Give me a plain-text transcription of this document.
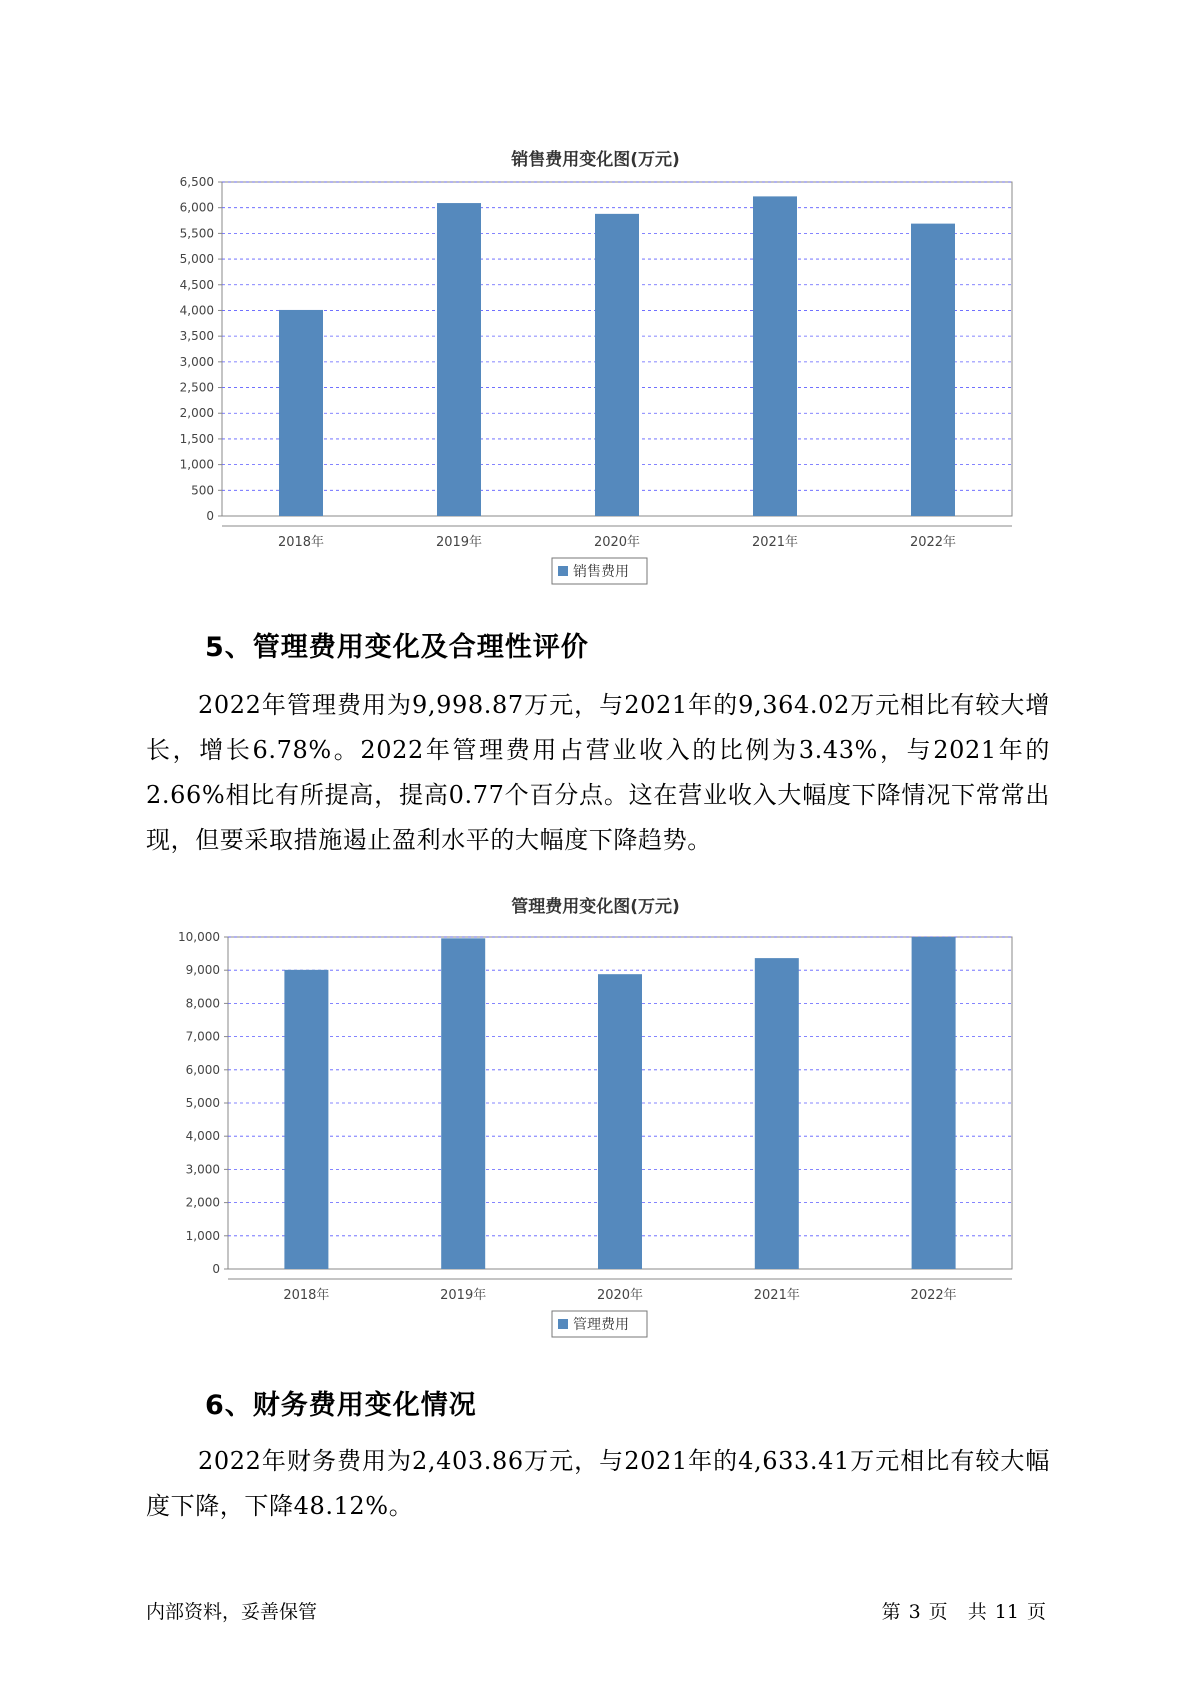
销售费用变化图(万元)
0
500
1,000
1,500
2,000
2,500
3,000
3,500
4,000
4,500
5,000
5,500
6,000
6,500
2018年	2019年	2020年	2021年	2022年
销售费用
5、管理费用变化及合理性评价
2022年管理费用为9,998.87万元，与2021年的9,364.02万元相比有较大增长，增长6.78%。2022年管理费用占营业收入的比例为3.43%，与2021年的2.66%相比有所提高，提高0.77个百分点。这在营业收入大幅度下降情况下常常出现，但要采取措施遏止盈利水平的大幅度下降趋势。
管理费用变化图(万元)
0
1,000
2,000
3,000
4,000
5,000
6,000
7,000
8,000
9,000
10,000
2018年	2019年	2020年	2021年	2022年
管理费用
6、财务费用变化情况
2022年财务费用为2,403.86万元，与2021年的4,633.41万元相比有较大幅度下降，下降48.12%。
内部资料，妥善保管	第 3 页 共 11 页
